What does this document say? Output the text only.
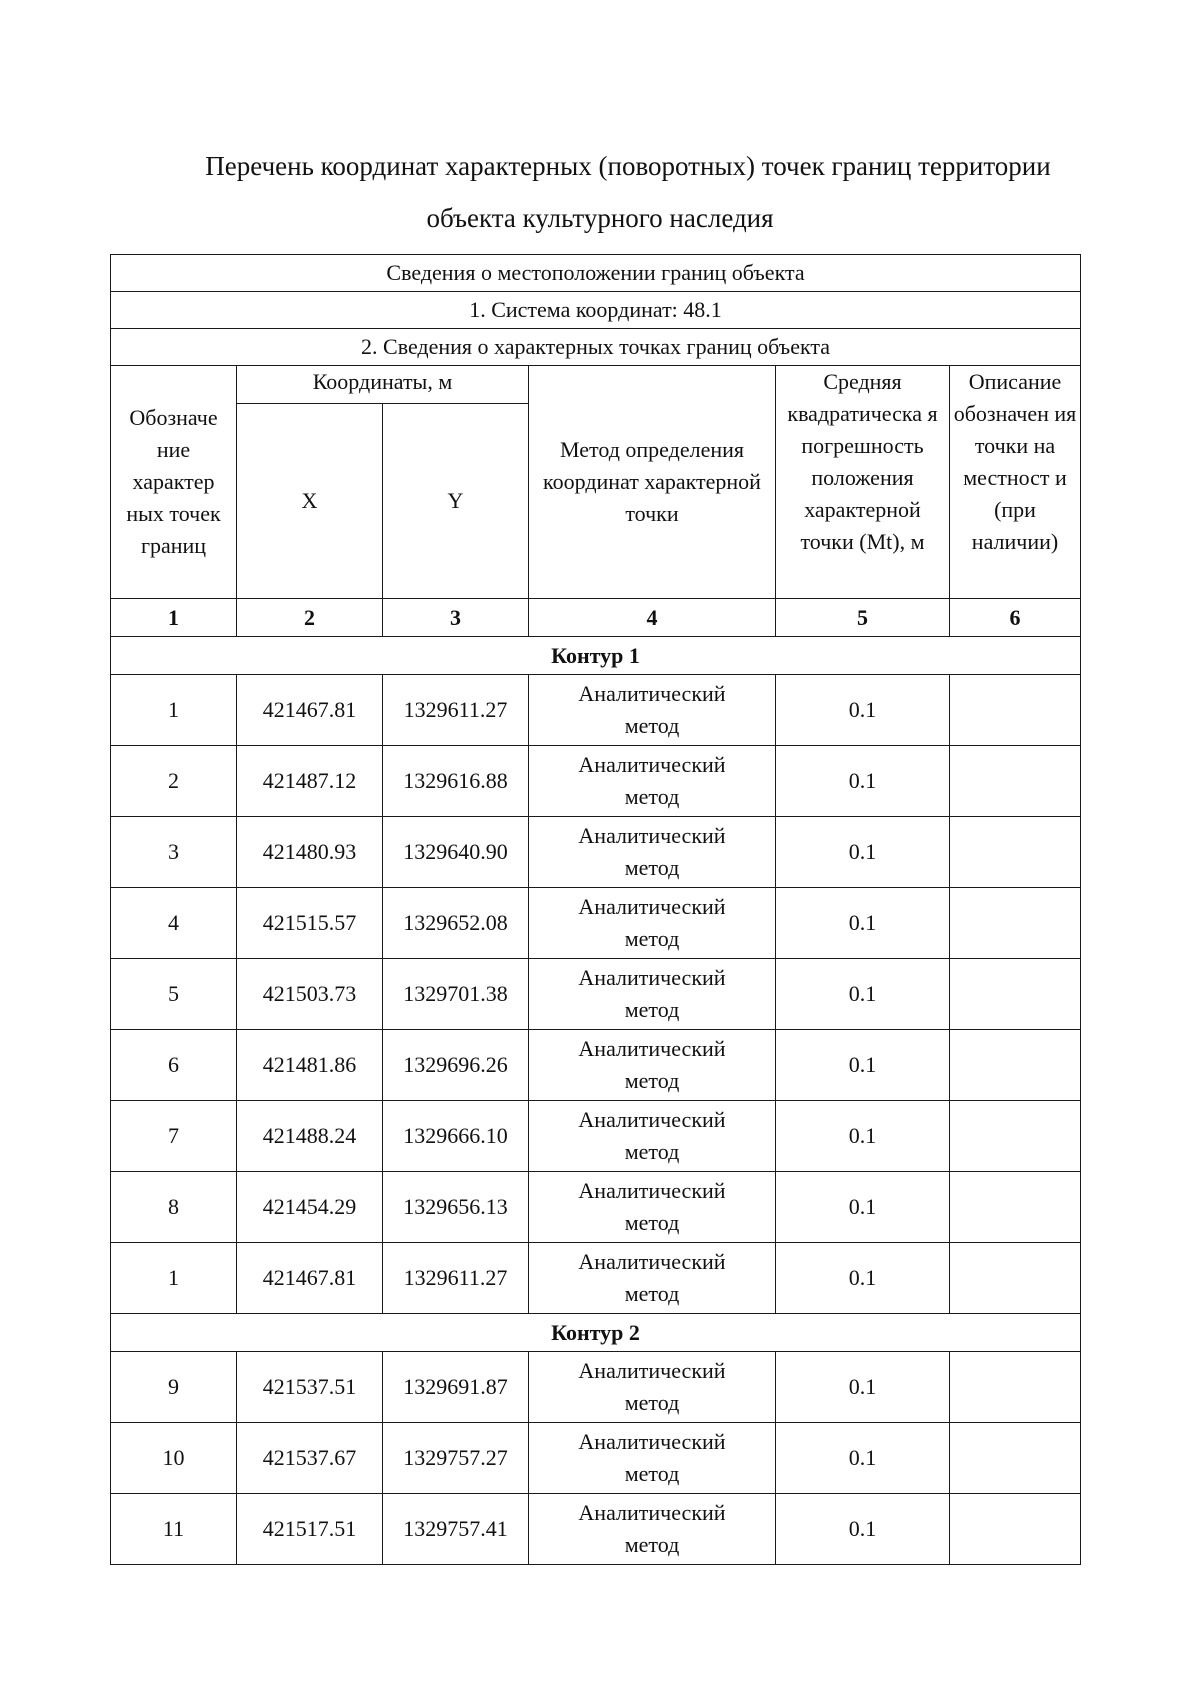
Перечень координат характерных (поворотных) точек границ территории
объекта культурного наследия
Сведения о местоположении границ объекта					
1. Система координат: 48.1					
2. Сведения о характерных точках границ объекта					
Обозначе ние характер ных точек границ	Координаты, м		Метод определения координат характерной точки	Средняя квадратическа я погрешность положения характерной точки (Mt), м	Описание обозначен ия точки на местност и (при наличии)
	X	Y			
1	2	3	4	5	6
Контур 1					
1	421467.81	1329611.27	Аналитический метод	0.1	
2	421487.12	1329616.88	Аналитический метод	0.1	
3	421480.93	1329640.90	Аналитический метод	0.1	
4	421515.57	1329652.08	Аналитический метод	0.1	
5	421503.73	1329701.38	Аналитический метод	0.1	
6	421481.86	1329696.26	Аналитический метод	0.1	
7	421488.24	1329666.10	Аналитический метод	0.1	
8	421454.29	1329656.13	Аналитический метод	0.1	
1	421467.81	1329611.27	Аналитический метод	0.1	
Контур 2					
9	421537.51	1329691.87	Аналитический метод	0.1	
10	421537.67	1329757.27	Аналитический метод	0.1	
11	421517.51	1329757.41	Аналитический метод	0.1	
